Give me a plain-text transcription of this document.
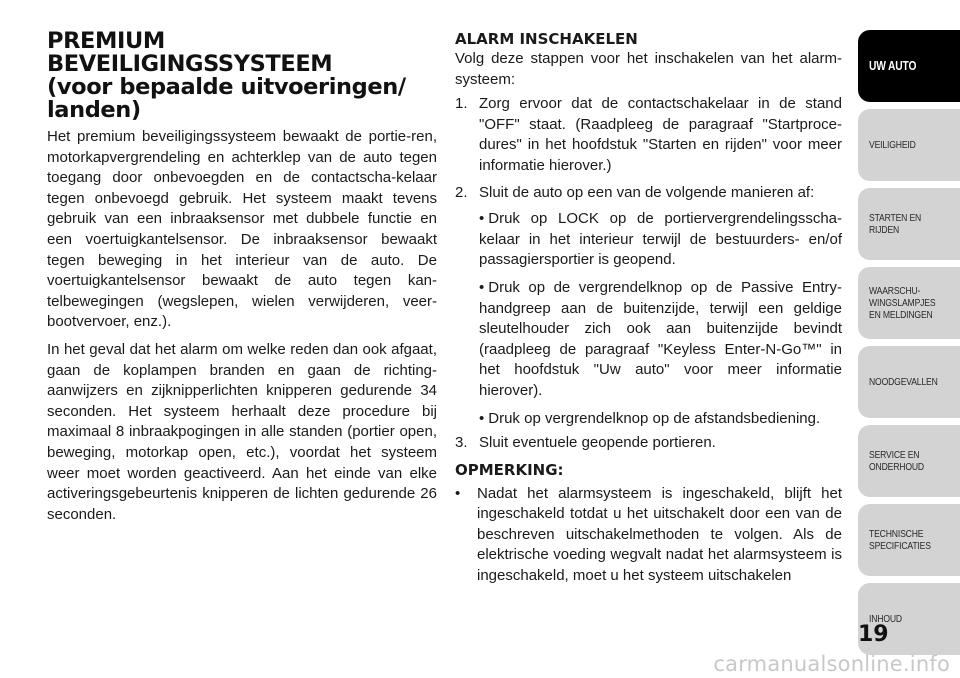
PREMIUM BEVEILIGINGSSYSTEEM
(voor bepaalde uitvoeringen/
landen)

Het premium beveiligingssysteem bewaakt de portie-ren, motorkapvergrendeling en achterklep van de auto tegen toegang door onbevoegden en de contactscha-kelaar tegen onbevoegd gebruik. Het systeem maakt tevens gebruik van een inbraaksensor met dubbele functie en een voertuigkantelsensor. De inbraaksensor bewaakt tegen beweging in het interieur van de auto. De voertuigkantelsensor bewaakt de auto tegen kan-telbewegingen (wegslepen, wielen verwijderen, veer-bootvervoer, enz.).

In het geval dat het alarm om welke reden dan ook afgaat, gaan de koplampen branden en gaan de richting-aanwijzers en zijknipperlichten knipperen gedurende 34 seconden. Het systeem herhaalt deze procedure bij maximaal 8 inbraakpogingen in alle standen (portier open, beweging, motorkap open, etc.), voordat het systeem weer moet worden geactiveerd. Aan het einde van elke activeringsgebeurtenis knipperen de lichten gedurende 26 seconden.

ALARM INSCHAKELEN

Volg deze stappen voor het inschakelen van het alarm-systeem:

1. Zorg ervoor dat de contactschakelaar in de stand "OFF" staat. (Raadpleeg de paragraaf "Startproce-dures" in het hoofdstuk "Starten en rijden" voor meer informatie hierover.)

2. Sluit de auto op een van de volgende manieren af:

• Druk op LOCK op de portiervergrendelingsscha-kelaar in het interieur terwijl de bestuurders- en/of passagiersportier is geopend.

• Druk op de vergrendelknop op de Passive Entry-handgreep aan de buitenzijde, terwijl een geldige sleutelhouder zich ook aan buitenzijde bevindt (raadpleeg de paragraaf "Keyless Enter-N-Go™" in het hoofdstuk "Uw auto" voor meer informatie hierover).

• Druk op vergrendelknop op de afstandsbediening.

3. Sluit eventuele geopende portieren.

OPMERKING:
•	Nadat het alarmsysteem is ingeschakeld, blijft het ingeschakeld totdat u het uitschakelt door een van de beschreven uitschakelmethoden te volgen. Als de elektrische voeding wegvalt nadat het alarmsysteem is ingeschakeld, moet u het systeem uitschakelen

UW AUTO
VEILIGHEID
STARTEN EN
RIJDEN
WAARSCHU-
WINGSLAMPJES
EN MELDINGEN
NOODGEVALLEN
SERVICE EN
ONDERHOUD
TECHNISCHE
SPECIFICATIES
INHOUD
19
carmanualsonline.info
